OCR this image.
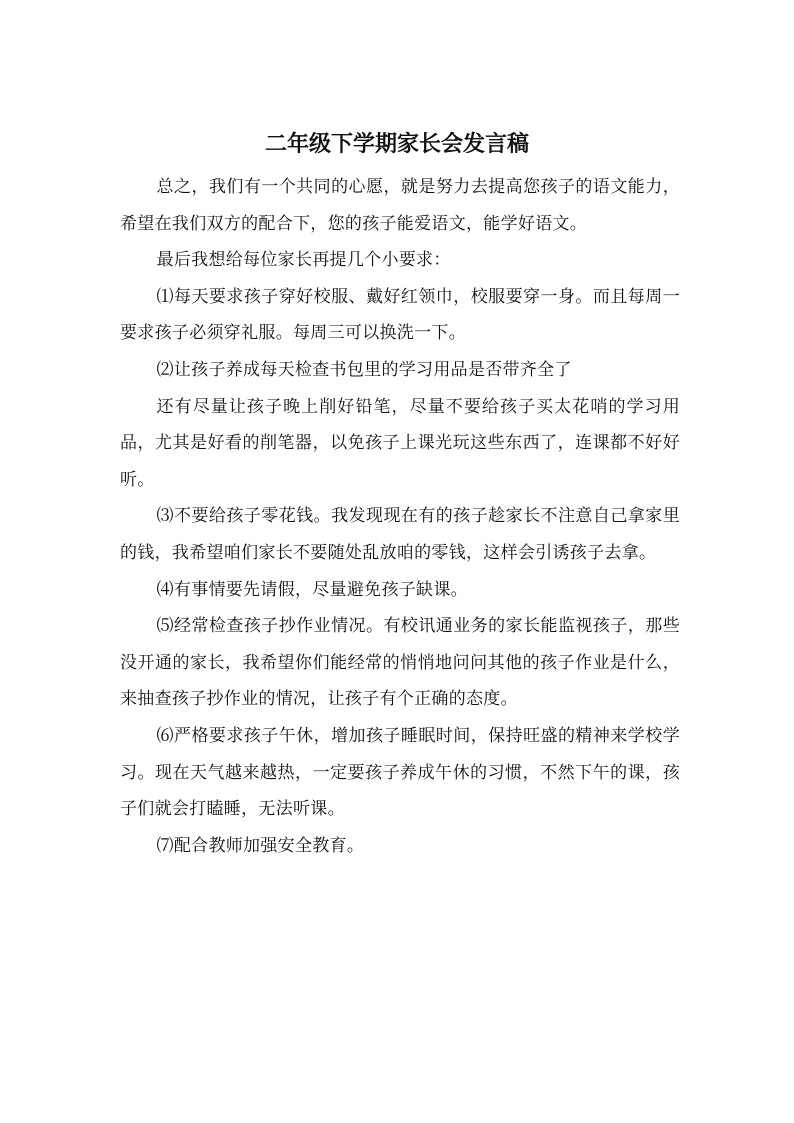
二年级下学期家长会发言稿

总之，我们有一个共同的心愿，就是努力去提高您孩子的语文能力，希望在我们双方的配合下，您的孩子能爱语文，能学好语文。

最后我想给每位家长再提几个小要求：

⑴每天要求孩子穿好校服、戴好红领巾，校服要穿一身。而且每周一要求孩子必须穿礼服。每周三可以换洗一下。

⑵让孩子养成每天检查书包里的学习用品是否带齐全了

还有尽量让孩子晚上削好铅笔，尽量不要给孩子买太花哨的学习用品，尤其是好看的削笔器，以免孩子上课光玩这些东西了，连课都不好好听。

⑶不要给孩子零花钱。我发现现在有的孩子趁家长不注意自己拿家里的钱，我希望咱们家长不要随处乱放咱的零钱，这样会引诱孩子去拿。

⑷有事情要先请假，尽量避免孩子缺课。

⑸经常检查孩子抄作业情况。有校讯通业务的家长能监视孩子，那些没开通的家长，我希望你们能经常的悄悄地问问其他的孩子作业是什么，来抽查孩子抄作业的情况，让孩子有个正确的态度。

⑹严格要求孩子午休，增加孩子睡眠时间，保持旺盛的精神来学校学习。现在天气越来越热，一定要孩子养成午休的习惯，不然下午的课，孩子们就会打瞌睡，无法听课。

⑺配合教师加强安全教育。
